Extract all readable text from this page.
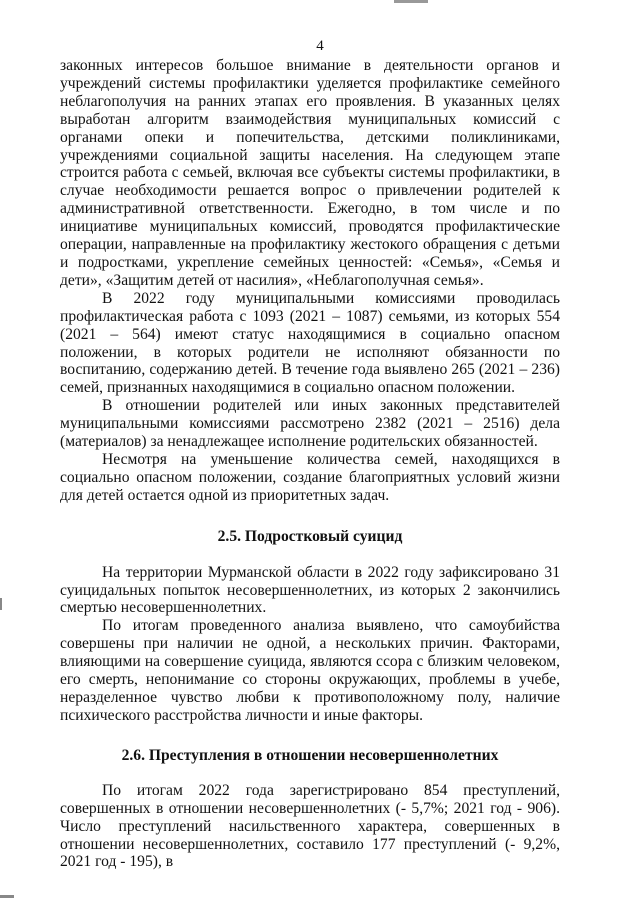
4

законных интересов большое внимание в деятельности органов и учреждений системы профилактики уделяется профилактике семейного неблагополучия на ранних этапах его проявления. В указанных целях выработан алгоритм взаимодействия муниципальных комиссий с органами опеки и попечительства, детскими поликлиниками, учреждениями социальной защиты населения. На следующем этапе строится работа с семьей, включая все субъекты системы профилактики, в случае необходимости решается вопрос о привлечении родителей к административной ответственности. Ежегодно, в том числе и по инициативе муниципальных комиссий, проводятся профилактические операции, направленные на профилактику жестокого обращения с детьми и подростками, укрепление семейных ценностей: «Семья», «Семья и дети», «Защитим детей от насилия», «Неблагополучная семья».

В 2022 году муниципальными комиссиями проводилась профилактическая работа с 1093 (2021 – 1087) семьями, из которых 554 (2021 – 564) имеют статус находящимися в социально опасном положении, в которых родители не исполняют обязанности по воспитанию, содержанию детей. В течение года выявлено 265 (2021 – 236) семей, признанных находящимися в социально опасном положении.

В отношении родителей или иных законных представителей муниципальными комиссиями рассмотрено 2382 (2021 – 2516) дела (материалов) за ненадлежащее исполнение родительских обязанностей.

Несмотря на уменьшение количества семей, находящихся в социально опасном положении, создание благоприятных условий жизни для детей остается одной из приоритетных задач.

2.5. Подростковый суицид

На территории Мурманской области в 2022 году зафиксировано 31 суицидальных попыток несовершеннолетних, из которых 2 закончились смертью несовершеннолетних.

По итогам проведенного анализа выявлено, что самоубийства совершены при наличии не одной, а нескольких причин. Факторами, влияющими на совершение суицида, являются ссора с близким человеком, его смерть, непонимание со стороны окружающих, проблемы в учебе, неразделенное чувство любви к противоположному полу, наличие психического расстройства личности и иные факторы.

2.6. Преступления в отношении несовершеннолетних

По итогам 2022 года зарегистрировано 854 преступлений, совершенных в отношении несовершеннолетних (- 5,7%; 2021 год - 906). Число преступлений насильственного характера, совершенных в отношении несовершеннолетних, составило 177 преступлений (- 9,2%, 2021 год - 195), в
